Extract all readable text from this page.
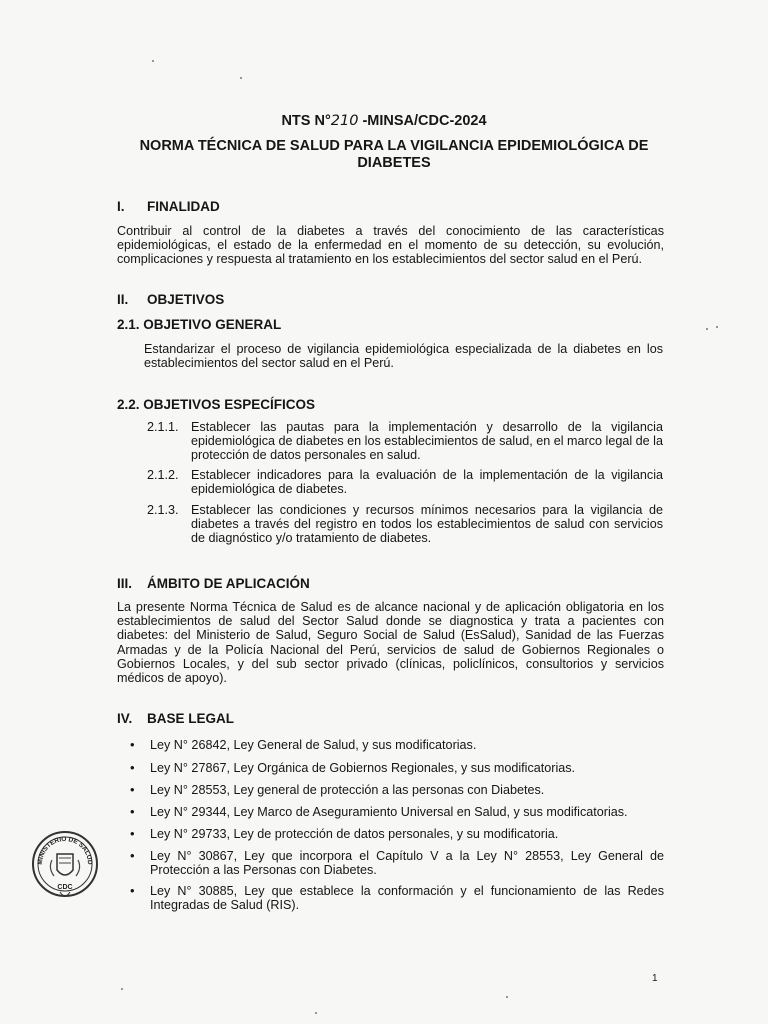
NTS N°210 -MINSA/CDC-2024
NORMA TÉCNICA DE SALUD PARA LA VIGILANCIA EPIDEMIOLÓGICA DE DIABETES
I. FINALIDAD
Contribuir al control de la diabetes a través del conocimiento de las características epidemiológicas, el estado de la enfermedad en el momento de su detección, su evolución, complicaciones y respuesta al tratamiento en los establecimientos del sector salud en el Perú.
II. OBJETIVOS
2.1. OBJETIVO GENERAL
Estandarizar el proceso de vigilancia epidemiológica especializada de la diabetes en los establecimientos del sector salud en el Perú.
2.2. OBJETIVOS ESPECÍFICOS
2.1.1. Establecer las pautas para la implementación y desarrollo de la vigilancia epidemiológica de diabetes en los establecimientos de salud, en el marco legal de la protección de datos personales en salud.
2.1.2. Establecer indicadores para la evaluación de la implementación de la vigilancia epidemiológica de diabetes.
2.1.3. Establecer las condiciones y recursos mínimos necesarios para la vigilancia de diabetes a través del registro en todos los establecimientos de salud con servicios de diagnóstico y/o tratamiento de diabetes.
III. ÁMBITO DE APLICACIÓN
La presente Norma Técnica de Salud es de alcance nacional y de aplicación obligatoria en los establecimientos de salud del Sector Salud donde se diagnostica y trata a pacientes con diabetes: del Ministerio de Salud, Seguro Social de Salud (EsSalud), Sanidad de las Fuerzas Armadas y de la Policía Nacional del Perú, servicios de salud de Gobiernos Regionales o Gobiernos Locales, y del sub sector privado (clínicas, policlínicos, consultorios y servicios médicos de apoyo).
IV. BASE LEGAL
• Ley N° 26842, Ley General de Salud, y sus modificatorias.
• Ley N° 27867, Ley Orgánica de Gobiernos Regionales, y sus modificatorias.
• Ley N° 28553, Ley general de protección a las personas con Diabetes.
• Ley N° 29344, Ley Marco de Aseguramiento Universal en Salud, y sus modificatorias.
• Ley N° 29733, Ley de protección de datos personales, y su modificatoria.
• Ley N° 30867, Ley que incorpora el Capítulo V a la Ley N° 28553, Ley General de Protección a las Personas con Diabetes.
• Ley N° 30885, Ley que establece la conformación y el funcionamiento de las Redes Integradas de Salud (RIS).
MINISTERIO DE SALUD
CDC
1
